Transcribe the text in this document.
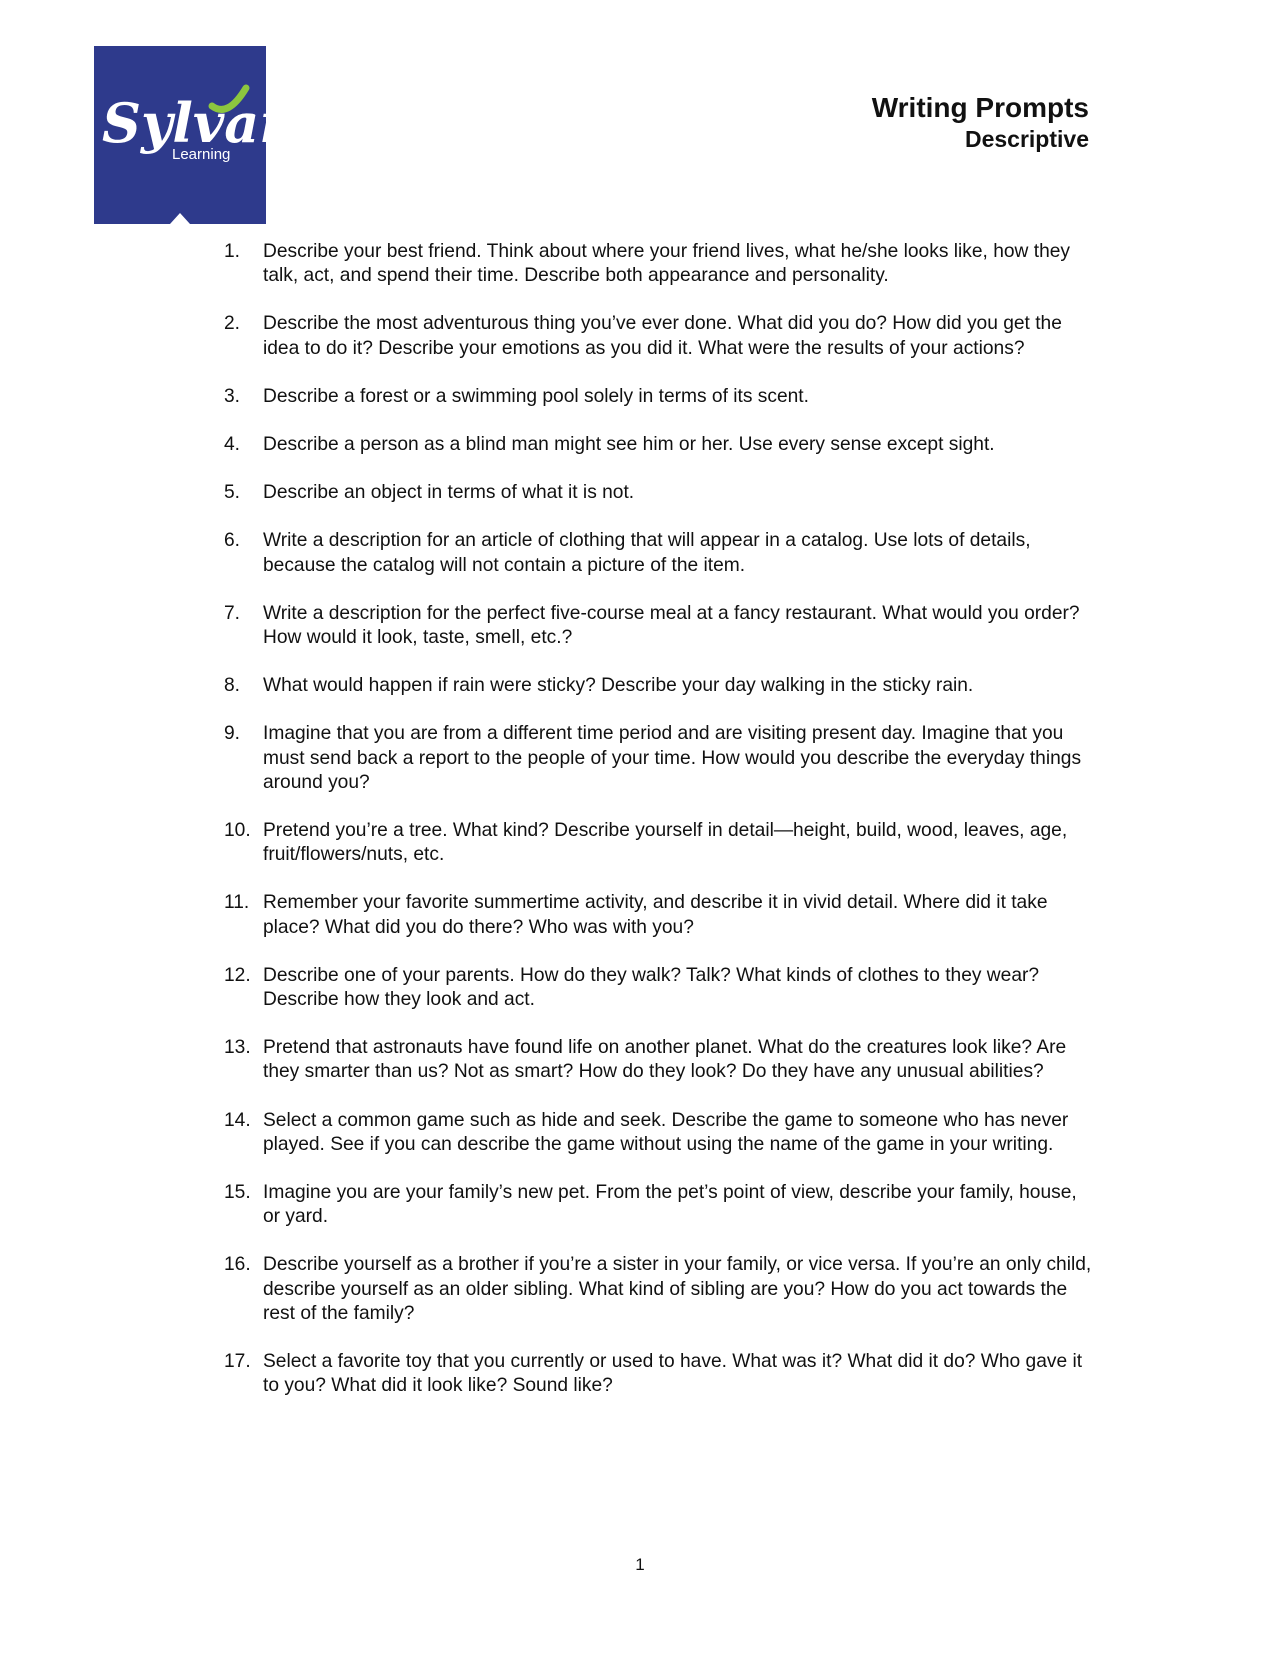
Sylva
Learning
Writing Prompts
Descriptive
1. Describe your best friend. Think about where your friend lives, what he/she looks like, how they talk, act, and spend their time. Describe both appearance and personality.
2. Describe the most adventurous thing you’ve ever done. What did you do? How did you get the idea to do it? Describe your emotions as you did it. What were the results of your actions?
3. Describe a forest or a swimming pool solely in terms of its scent.
4. Describe a person as a blind man might see him or her. Use every sense except sight.
5. Describe an object in terms of what it is not.
6. Write a description for an article of clothing that will appear in a catalog. Use lots of details, because the catalog will not contain a picture of the item.
7. Write a description for the perfect five-course meal at a fancy restaurant. What would you order? How would it look, taste, smell, etc.?
8. What would happen if rain were sticky? Describe your day walking in the sticky rain.
9. Imagine that you are from a different time period and are visiting present day. Imagine that you must send back a report to the people of your time. How would you describe the everyday things around you?
10. Pretend you’re a tree. What kind? Describe yourself in detail—height, build, wood, leaves, age, fruit/flowers/nuts, etc.
11. Remember your favorite summertime activity, and describe it in vivid detail. Where did it take place? What did you do there? Who was with you?
12. Describe one of your parents. How do they walk? Talk? What kinds of clothes to they wear? Describe how they look and act.
13. Pretend that astronauts have found life on another planet. What do the creatures look like? Are they smarter than us? Not as smart? How do they look? Do they have any unusual abilities?
14. Select a common game such as hide and seek. Describe the game to someone who has never played. See if you can describe the game without using the name of the game in your writing.
15. Imagine you are your family’s new pet. From the pet’s point of view, describe your family, house, or yard.
16. Describe yourself as a brother if you’re a sister in your family, or vice versa. If you’re an only child, describe yourself as an older sibling. What kind of sibling are you? How do you act towards the rest of the family?
17. Select a favorite toy that you currently or used to have. What was it? What did it do? Who gave it to you? What did it look like? Sound like?
1
